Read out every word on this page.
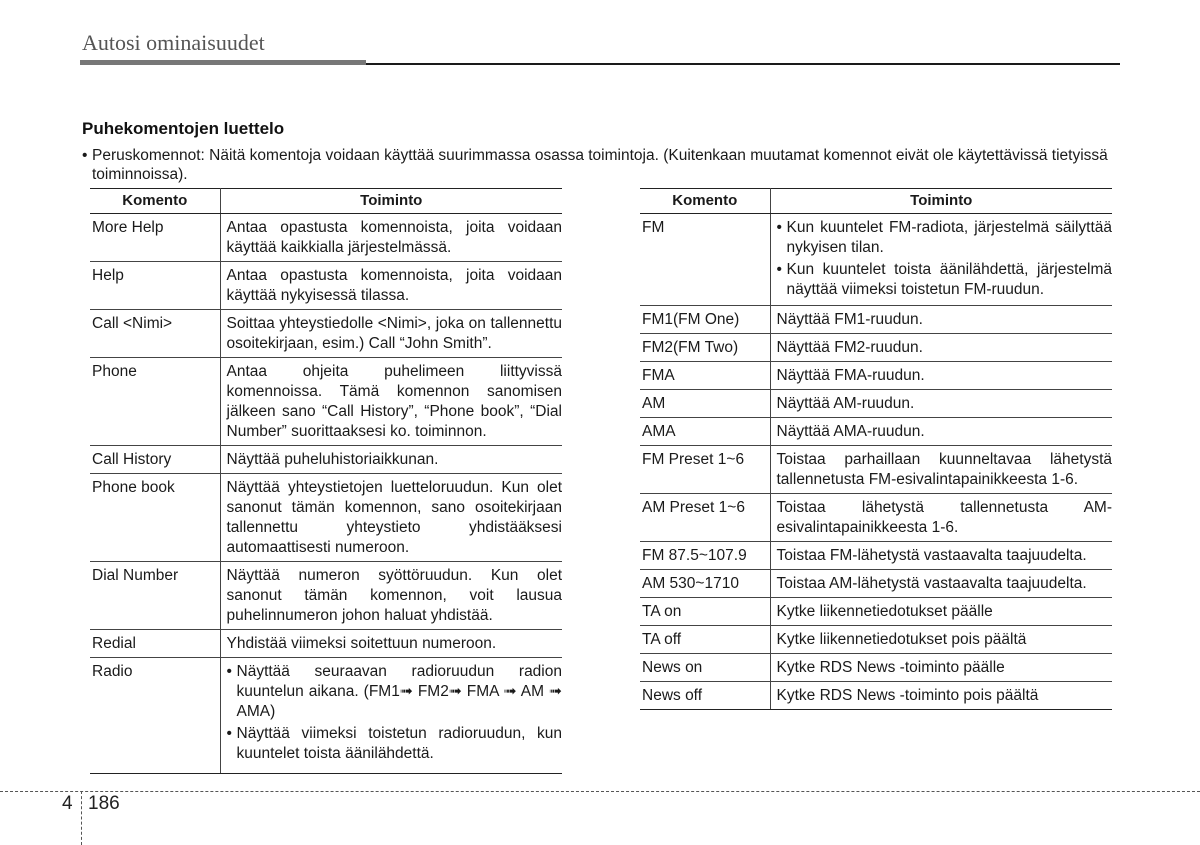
Autosi ominaisuudet
Puhekomentojen luettelo
• Peruskomennot: Näitä komentoja voidaan käyttää suurimmassa osassa toimintoja. (Kuitenkaan muutamat komennot eivät ole käytettävissä tietyissä toiminnoissa).
Komento	Toiminto
More Help	Antaa opastusta komennoista, joita voidaan käyttää kaikkialla järjestelmässä.

Help	Antaa opastusta komennoista, joita voidaan käyttää nykyisessä tilassa.

Call <Nimi>	Soittaa yhteystiedolle <Nimi>, joka on tallennettu osoitekirjaan, esim.) Call “John Smith”.

Phone	Antaa ohjeita puhelimeen liittyvissä komennoissa. Tämä komennon sanomisen jälkeen sano “Call History”, “Phone book”, “Dial Number” suorittaaksesi ko. toiminnon.

Call History	Näyttää puheluhistoriaikkunan.

Phone book	Näyttää yhteystietojen luetteloruudun. Kun olet sanonut tämän komennon, sano osoitekirjaan tallennettu yhteystieto yhdistääksesi automaattisesti numeroon.

Dial Number	Näyttää numeron syöttöruudun. Kun olet sanonut tämän komennon, voit lausua puhelinnumeron johon haluat yhdistää.

Redial	Yhdistää viimeksi soitettuun numeroon.

Radio	• Näyttää seuraavan radioruudun radion kuuntelun aikana. (FM1➟ FM2➟ FMA ➟ AM ➟ AMA)
• Näyttää viimeksi toistetun radioruudun, kun kuuntelet toista äänilähdettä.
Komento	Toiminto
FM	• Kun kuuntelet FM-radiota, järjestelmä säilyttää nykyisen tilan.
• Kun kuuntelet toista äänilähdettä, järjestelmä näyttää viimeksi toistetun FM-ruudun.

FM1(FM One)	Näyttää FM1-ruudun.

FM2(FM Two)	Näyttää FM2-ruudun.

FMA	Näyttää FMA-ruudun.

AM	Näyttää AM-ruudun.

AMA	Näyttää AMA-ruudun.

FM Preset 1~6	Toistaa parhaillaan kuunneltavaa lähetystä tallennetusta FM-esivalintapainikkeesta 1-6.

AM Preset 1~6	Toistaa lähetystä tallennetusta AM-esivalintapainikkeesta 1-6.

FM 87.5~107.9	Toistaa FM-lähetystä vastaavalta taajuudelta.

AM 530~1710	Toistaa AM-lähetystä vastaavalta taajuudelta.

TA on	Kytke liikennetiedotukset päälle

TA off	Kytke liikennetiedotukset pois päältä

News on	Kytke RDS News -toiminto päälle

News off	Kytke RDS News -toiminto pois päältä
4 186
